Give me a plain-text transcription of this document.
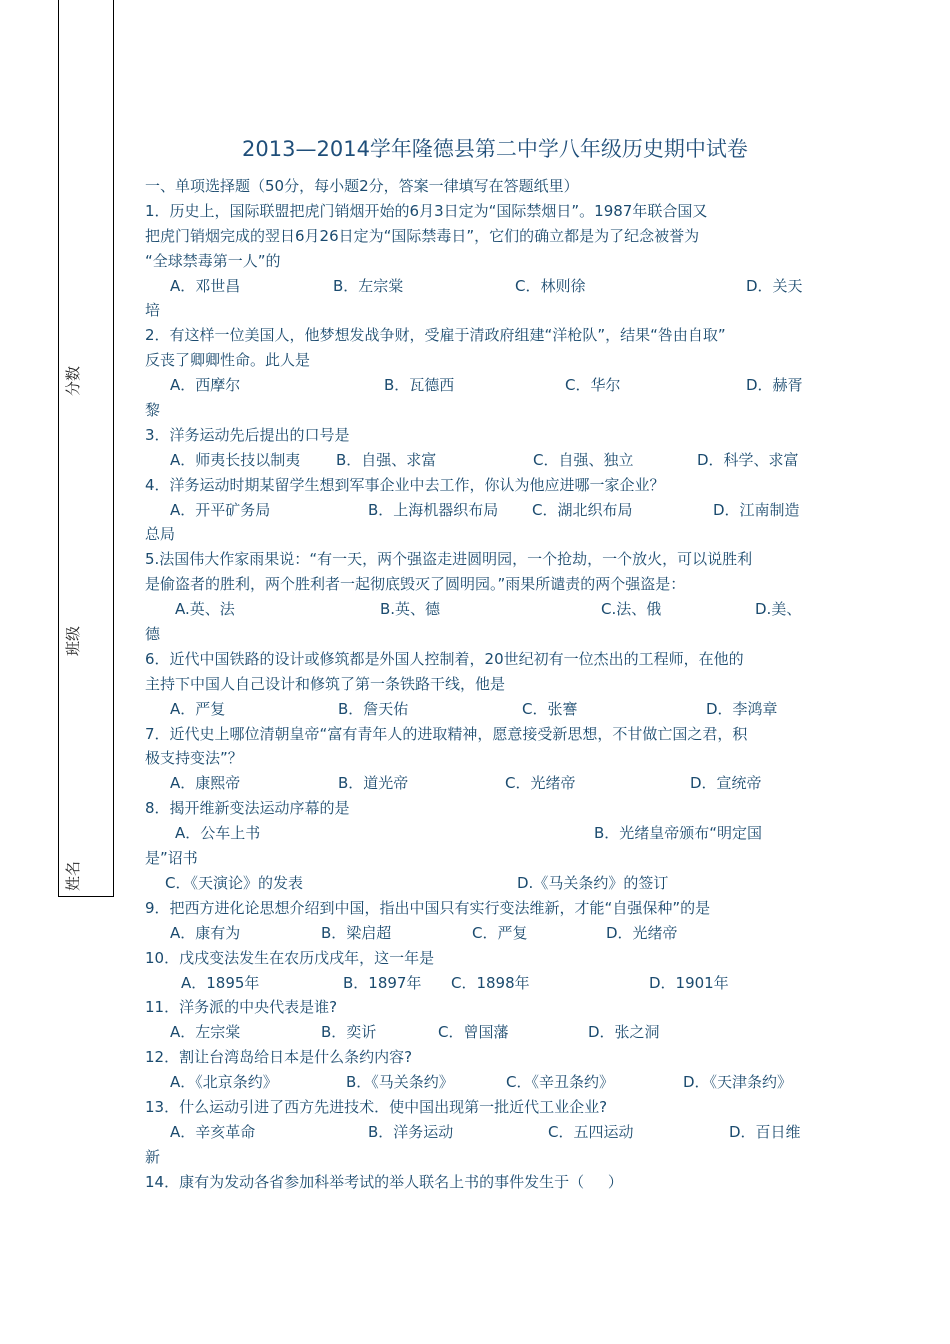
分数
班级
姓名
2013—2014学年隆德县第二中学八年级历史期中试卷
一、单项选择题（50分，每小题2分，答案一律填写在答题纸里）
1．历史上，国际联盟把虎门销烟开始的6月3日定为“国际禁烟日”。1987年联合国又
把虎门销烟完成的翌日6月26日定为“国际禁毒日”，它们的确立都是为了纪念被誉为
“全球禁毒第一人”的
A．邓世昌	B．左宗棠	C．林则徐	D．关天
培
2．有这样一位美国人，他梦想发战争财，受雇于清政府组建“洋枪队”，结果“咎由自取”
反丧了卿卿性命。此人是
A．西摩尔	B．瓦德西	C．华尔	D．赫胥
黎
3．洋务运动先后提出的口号是
A．师夷长技以制夷 B．自强、求富	C．自强、独立	D．科学、求富
4．洋务运动时期某留学生想到军事企业中去工作，你认为他应进哪一家企业？
A．开平矿务局	B．上海机器织布局 C．湖北织布局	D．江南制造
总局
5.法国伟大作家雨果说：“有一天，两个强盗走进圆明园，一个抢劫，一个放火，可以说胜利
是偷盗者的胜利，两个胜利者一起彻底毁灭了圆明园。”雨果所谴责的两个强盗是：
A.英、法	B.英、德	C.法、俄	D.美、
德
6．近代中国铁路的设计或修筑都是外国人控制着，20世纪初有一位杰出的工程师，在他的
主持下中国人自己设计和修筑了第一条铁路干线，他是
A．严复	B．詹天佑	C．张謇	D．李鸿章
7．近代史上哪位清朝皇帝“富有青年人的进取精神，愿意接受新思想，不甘做亡国之君，积
极支持变法”？
A．康熙帝	B．道光帝	C．光绪帝	D．宣统帝
8．揭开维新变法运动序幕的是
A．公车上书	B．光绪皇帝颁布“明定国
是”诏书
C．《天演论》的发表	D.《马关条约》的签订
9．把西方进化论思想介绍到中国，指出中国只有实行变法维新，才能“自强保种”的是
A．康有为	B．梁启超	C．严复	D．光绪帝
10．戊戌变法发生在农历戊戌年，这一年是
A．1895年	B．1897年 C．1898年	D．1901年
11．洋务派的中央代表是谁?
A．左宗棠	B．奕䜣	C．曾国藩	D．张之洞
12．割让台湾岛给日本是什么条约内容?
A．《北京条约》	B．《马关条约》	C．《辛丑条约》	D．《天津条约》
13．什么运动引进了西方先进技术．使中国出现第一批近代工业企业?
A．辛亥革命	B．洋务运动	C．五四运动	D．百日维
新
14．康有为发动各省参加科举考试的举人联名上书的事件发生于（     ）
